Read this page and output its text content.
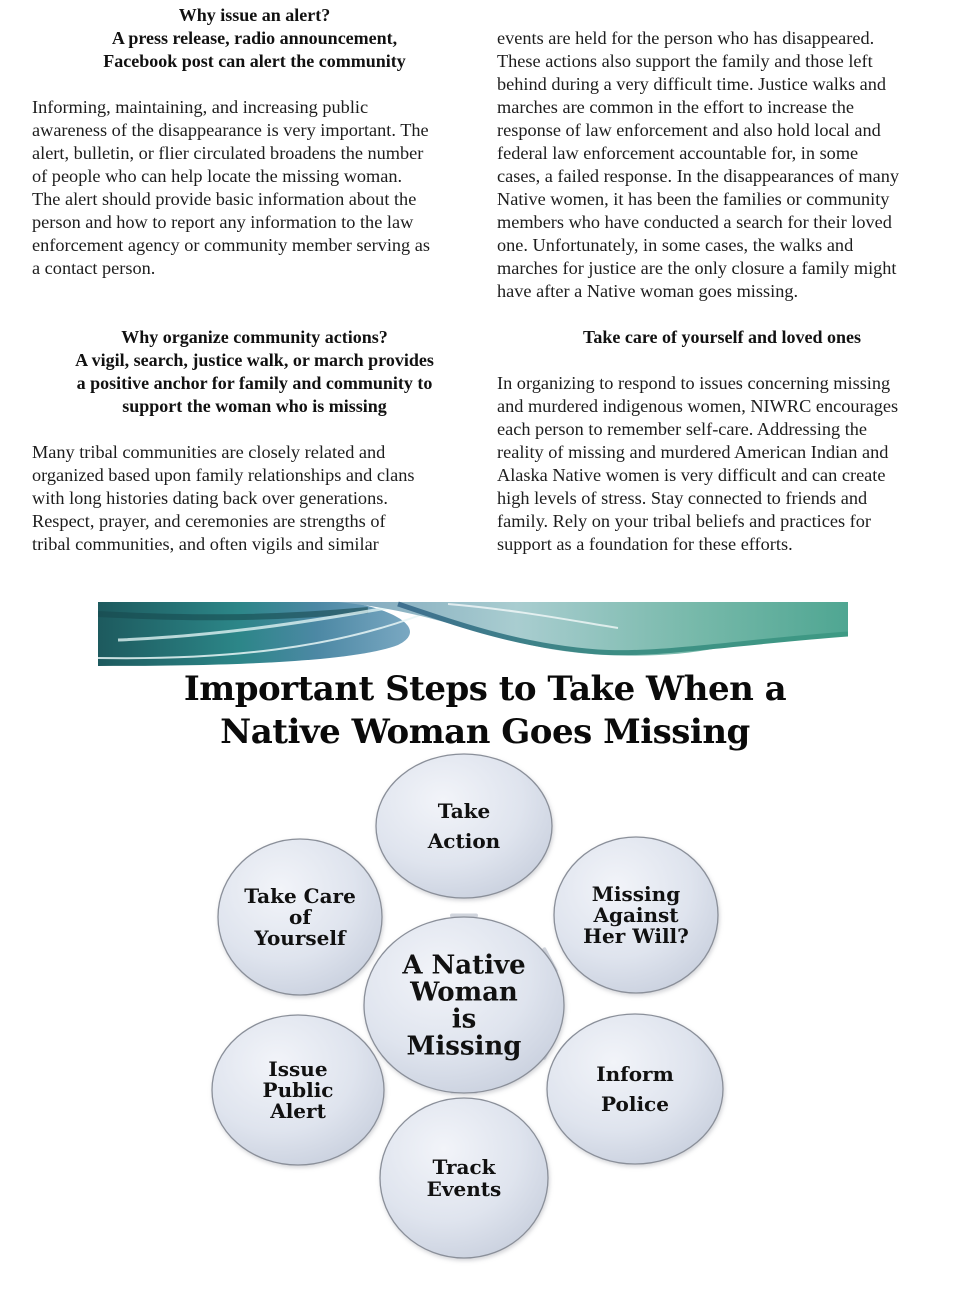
Why issue an alert?
A press release, radio announcement,
Facebook post can alert the community

Informing, maintaining, and increasing public
awareness of the disappearance is very important. The
alert, bulletin, or flier circulated broadens the number
of people who can help locate the missing woman.
The alert should provide basic information about the
person and how to report any information to the law
enforcement agency or community member serving as
a contact person.

Why organize community actions?
A vigil, search, justice walk, or march provides
a positive anchor for family and community to
support the woman who is missing

Many tribal communities are closely related and
organized based upon family relationships and clans
with long histories dating back over generations.
Respect, prayer, and ceremonies are strengths of
tribal communities, and often vigils and similar

events are held for the person who has disappeared.
These actions also support the family and those left
behind during a very difficult time. Justice walks and
marches are common in the effort to increase the
response of law enforcement and also hold local and
federal law enforcement accountable for, in some
cases, a failed response. In the disappearances of many
Native women, it has been the families or community
members who have conducted a search for their loved
one. Unfortunately, in some cases, the walks and
marches for justice are the only closure a family might
have after a Native woman goes missing.

Take care of yourself and loved ones

In organizing to respond to issues concerning missing
and murdered indigenous women, NIWRC encourages
each person to remember self-care. Addressing the
reality of missing and murdered American Indian and
Alaska Native women is very difficult and can create
high levels of stress. Stay connected to friends and
family. Rely on your tribal beliefs and practices for
support as a foundation for these efforts.

Important Steps to Take When a
Native Woman Goes Missing
Take
Action
Missing
Against
Her Will?
Inform
Police
Track
Events
Issue
Public
Alert
Take Care
of
Yourself
A Native
Woman
is
Missing
